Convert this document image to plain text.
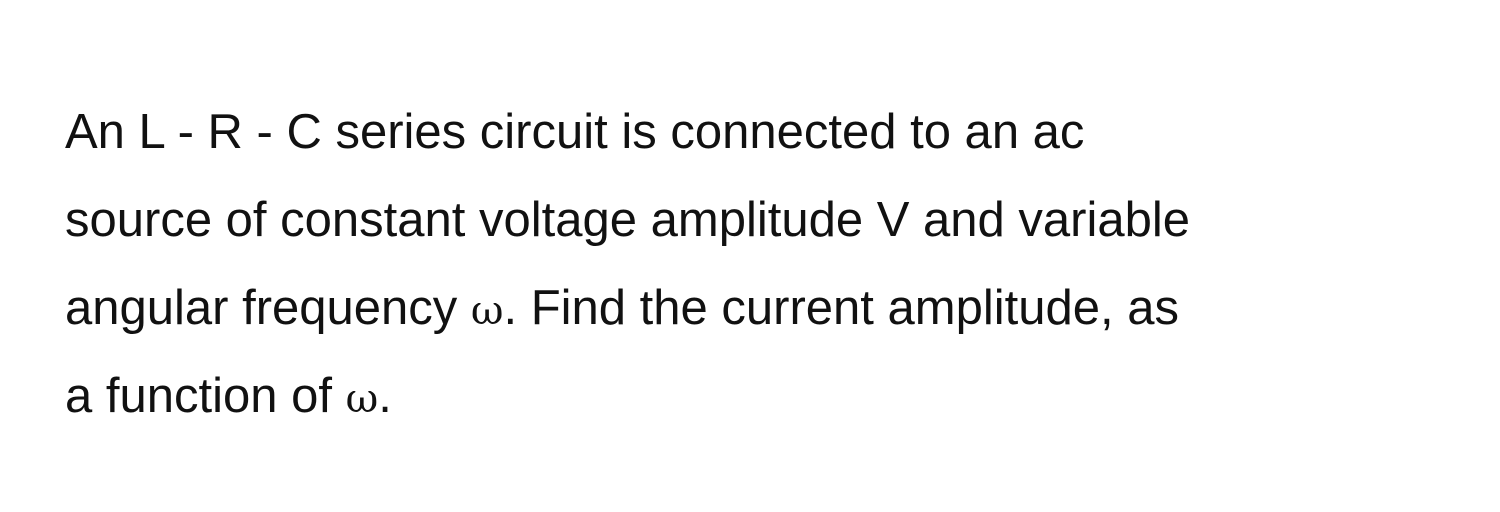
An L - R - C series circuit is connected to an ac
source of constant voltage amplitude V and variable
angular frequency ω. Find the current amplitude, as
a function of ω.
